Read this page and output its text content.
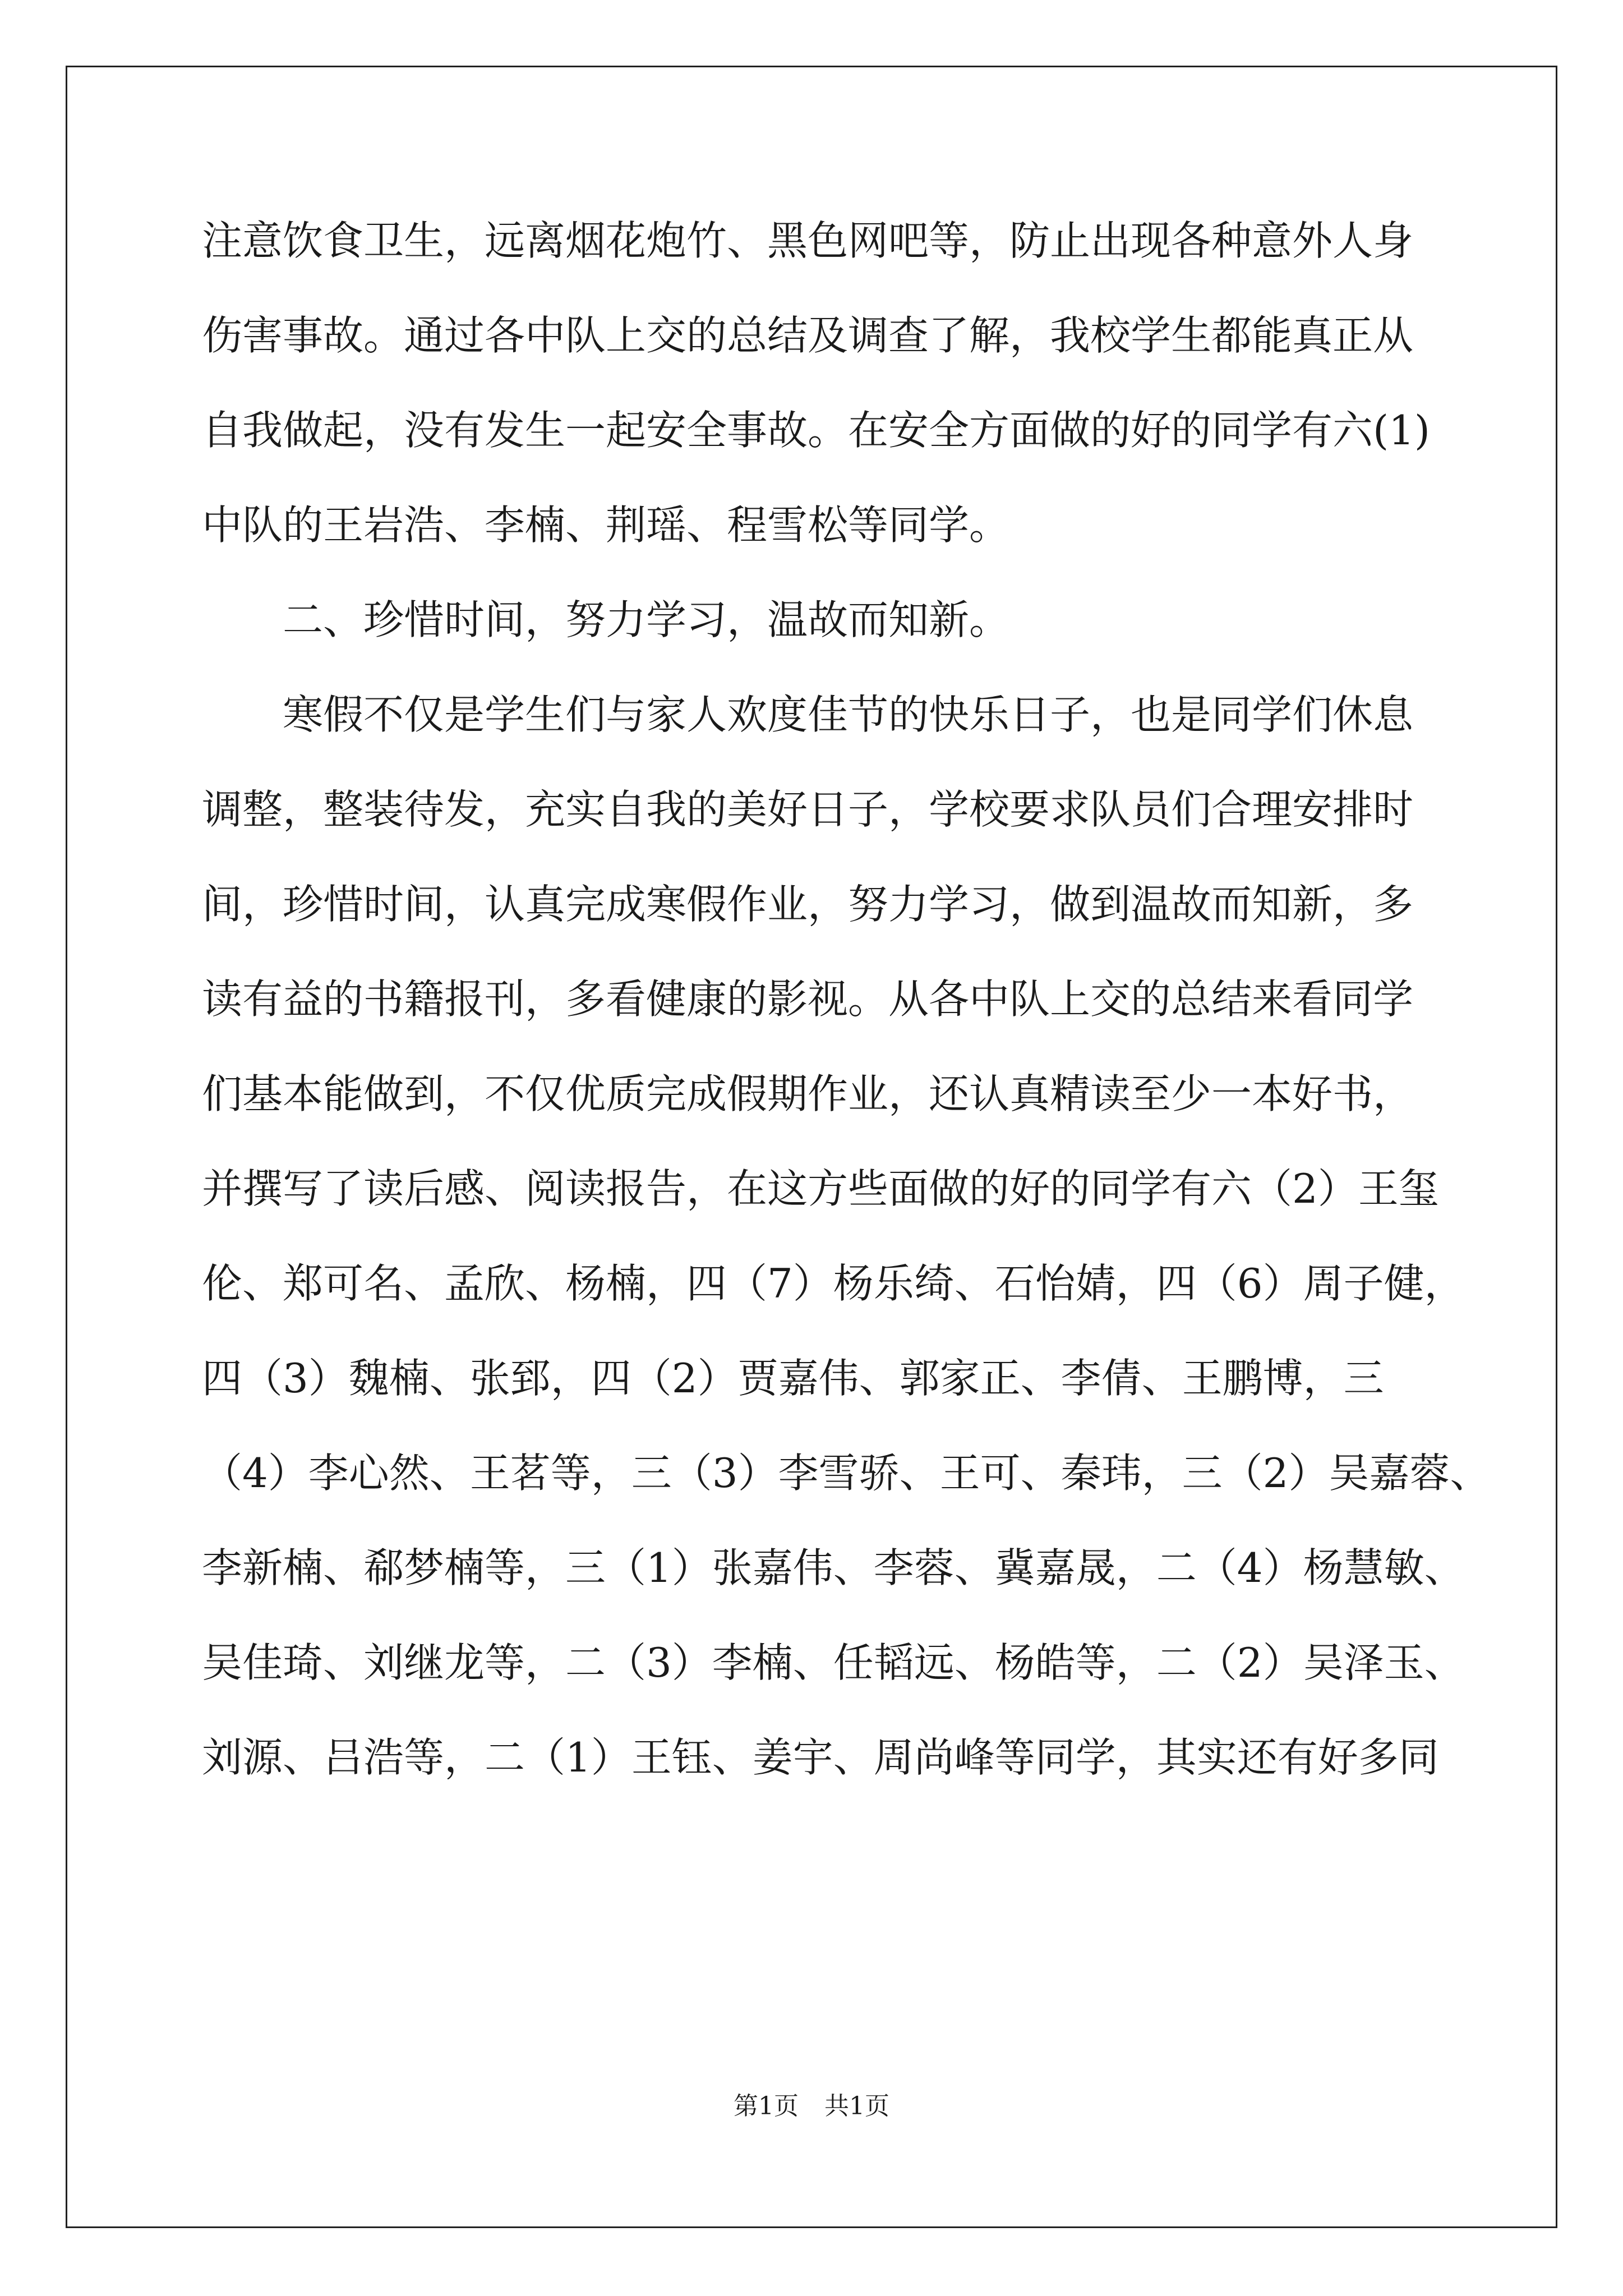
注意饮食卫生，远离烟花炮竹、黑色网吧等，防止出现各种意外人身
伤害事故。通过各中队上交的总结及调查了解，我校学生都能真正从
自我做起，没有发生一起安全事故。在安全方面做的好的同学有六(1)
中队的王岩浩、李楠、荆瑶、程雪松等同学。
二、珍惜时间，努力学习，温故而知新。
寒假不仅是学生们与家人欢度佳节的快乐日子，也是同学们休息
调整，整装待发，充实自我的美好日子，学校要求队员们合理安排时
间，珍惜时间，认真完成寒假作业，努力学习，做到温故而知新，多
读有益的书籍报刊，多看健康的影视。从各中队上交的总结来看同学
们基本能做到，不仅优质完成假期作业，还认真精读至少一本好书，
并撰写了读后感、阅读报告，在这方些面做的好的同学有六（2）王玺
伦、郑可名、孟欣、杨楠，四（7）杨乐绮、石怡婧，四（6）周子健，
四（3）魏楠、张郅，四（2）贾嘉伟、郭家正、李倩、王鹏博，三
（4）李心然、王茗等，三（3）李雪骄、王可、秦玮，三（2）吴嘉蓉、
李新楠、郗梦楠等，三（1）张嘉伟、李蓉、冀嘉晟，二（4）杨慧敏、
吴佳琦、刘继龙等，二（3）李楠、任韬远、杨皓等，二（2）吴泽玉、
刘源、吕浩等，二（1）王钰、姜宇、周尚峰等同学，其实还有好多同
第1页 共1页
